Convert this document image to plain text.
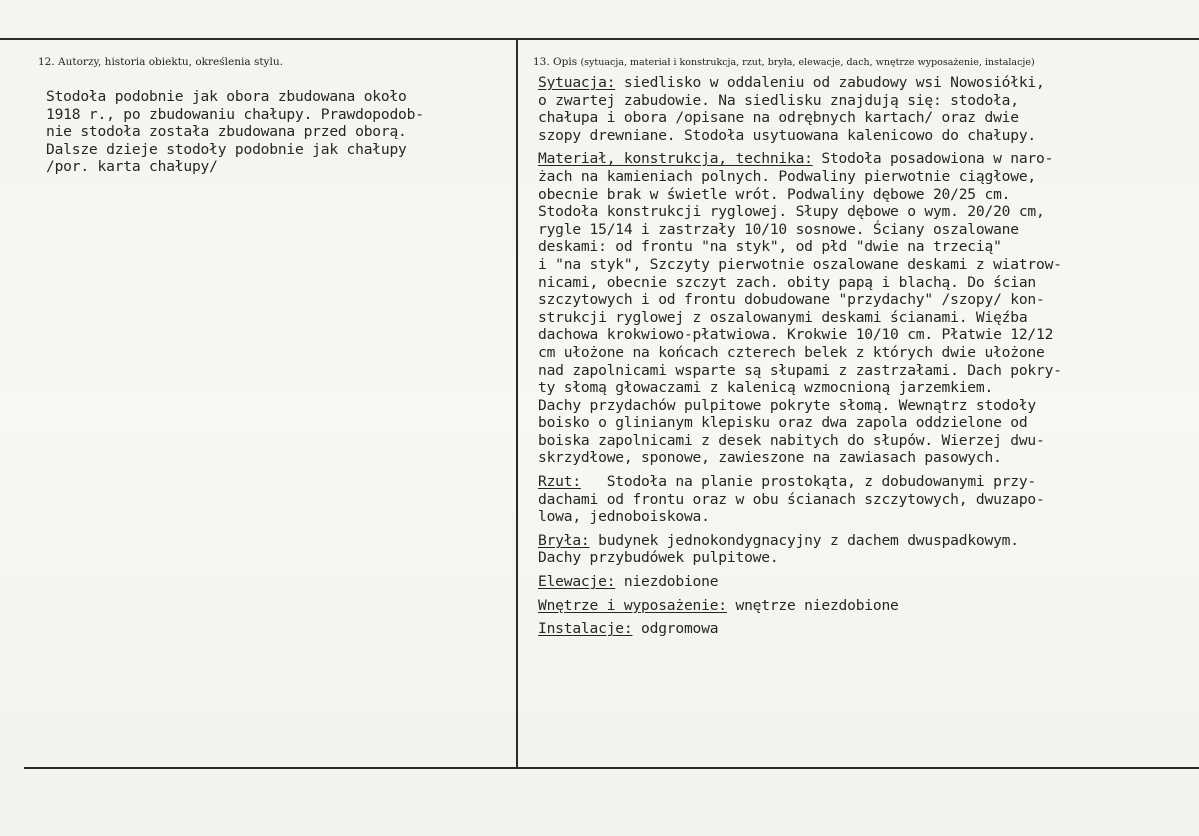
12. Autorzy, historia obiektu, określenia stylu.	13. Opis (sytuacja, materiał i konstrukcja, rzut, bryła, elewacje, dach, wnętrze wyposażenie, instalacje)
Stodoła podobnie jak obora zbudowana około
1918 r., po zbudowaniu chałupy. Prawdopodob-
nie stodoła została zbudowana przed oborą.
Dalsze dzieje stodoły podobnie jak chałupy
/por. karta chałupy/
Sytuacja: siedlisko w oddaleniu od zabudowy wsi Nowosiółki,
o zwartej zabudowie. Na siedlisku znajdują się: stodoła,
chałupa i obora /opisane na odrębnych kartach/ oraz dwie
szopy drewniane. Stodoła usytuowana kalenicowo do chałupy.
Materiał, konstrukcja, technika: Stodoła posadowiona w naro-
żach na kamieniach polnych. Podwaliny pierwotnie ciągłowe,
obecnie brak w świetle wrót. Podwaliny dębowe 20/25 cm.
Stodoła konstrukcji ryglowej. Słupy dębowe o wym. 20/20 cm,
rygle 15/14 i zastrzały 10/10 sosnowe. Ściany oszalowane
deskami: od frontu "na styk", od płd "dwie na trzecią"
i "na styk", Szczyty pierwotnie oszalowane deskami z wiatrow-
nicami, obecnie szczyt zach. obity papą i blachą. Do ścian
szczytowych i od frontu dobudowane "przydachy" /szopy/ kon-
strukcji ryglowej z oszalowanymi deskami ścianami. Więźba
dachowa krokwiowo-płatwiowa. Krokwie 10/10 cm. Płatwie 12/12
cm ułożone na końcach czterech belek z których dwie ułożone
nad zapolnicami wsparte są słupami z zastrzałami. Dach pokry-
ty słomą głowaczami z kalenicą wzmocnioną jarzemkiem.
Dachy przydachów pulpitowe pokryte słomą. Wewnątrz stodoły
boisko o glinianym klepisku oraz dwa zapola oddzielone od
boiska zapolnicami z desek nabitych do słupów. Wierzej dwu-
skrzydłowe, sponowe, zawieszone na zawiasach pasowych.
Rzut:   Stodoła na planie prostokąta, z dobudowanymi przy-
dachami od frontu oraz w obu ścianach szczytowych, dwuzapo-
lowa, jednoboiskowa.
Bryła: budynek jednokondygnacyjny z dachem dwuspadkowym.
Dachy przybudówek pulpitowe.
Elewacje: niezdobione
Wnętrze i wyposażenie: wnętrze niezdobione
Instalacje: odgromowa
